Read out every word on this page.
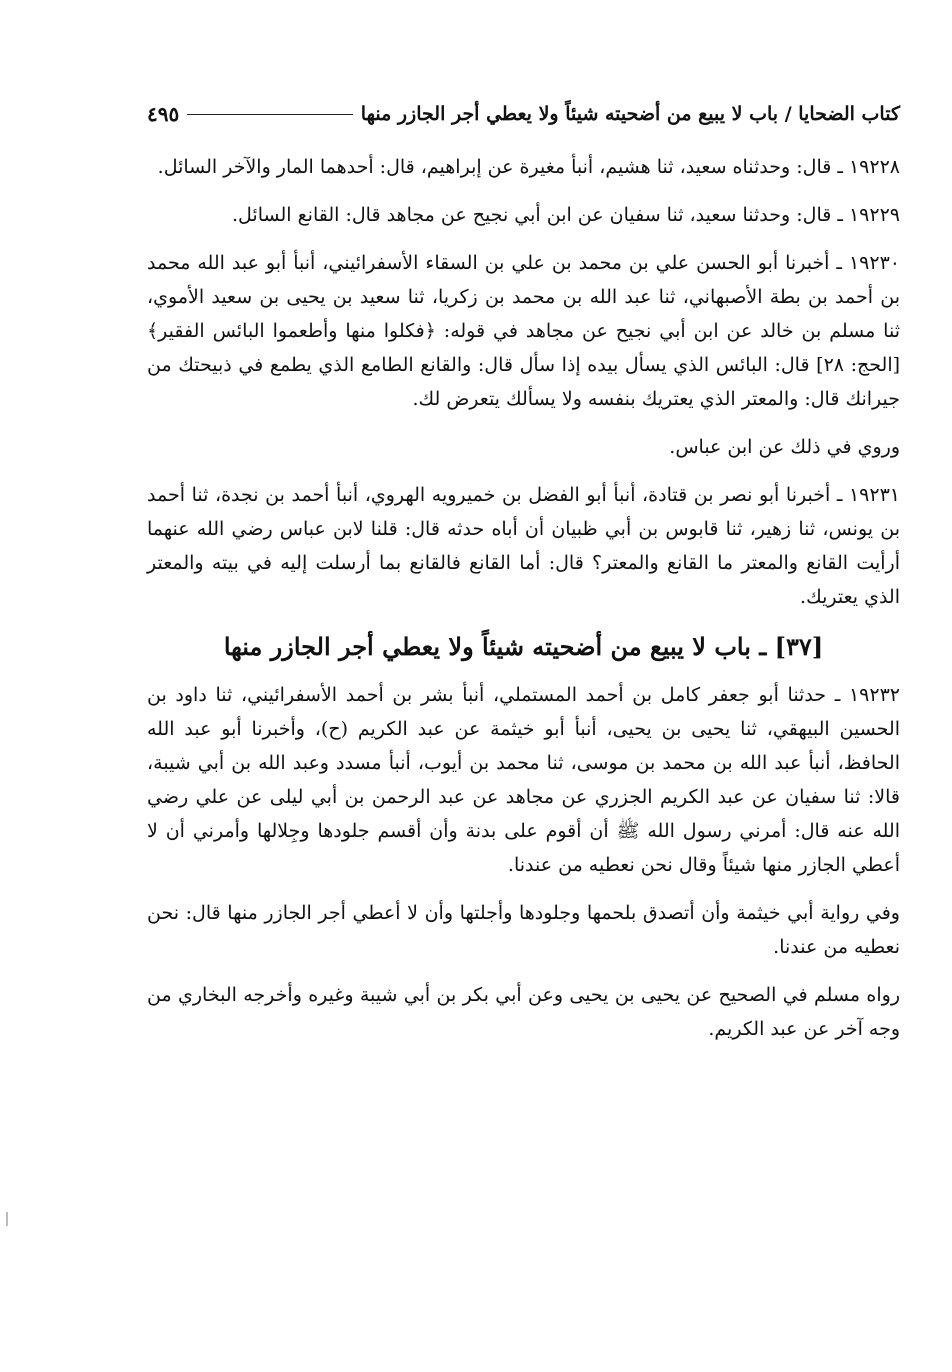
كتاب الضحايا / باب لا يبيع من أضحيته شيئاً ولا يعطي أجر الجازر منها
٤٩٥

١٩٢٢٨ ـ قال: وحدثناه سعيد، ثنا هشيم، أنبأ مغيرة عن إبراهيم، قال: أحدهما المار والآخر السائل.

١٩٢٢٩ ـ قال: وحدثنا سعيد، ثنا سفيان عن ابن أبي نجيح عن مجاهد قال: القانع السائل.

١٩٢٣٠ ـ أخبرنا أبو الحسن علي بن محمد بن علي بن السقاء الأسفرائيني، أنبأ أبو عبد الله محمد بن أحمد بن بطة الأصبهاني، ثنا عبد الله بن محمد بن زكريا، ثنا سعيد بن يحيى بن سعيد الأموي، ثنا مسلم بن خالد عن ابن أبي نجيح عن مجاهد في قوله: ﴿فكلوا منها وأطعموا البائس الفقير﴾ [الحج: ٢٨] قال: البائس الذي يسأل بيده إذا سأل قال: والقانع الطامع الذي يطمع في ذبيحتك من جيرانك قال: والمعتر الذي يعتريك بنفسه ولا يسألك يتعرض لك.

وروي في ذلك عن ابن عباس.

١٩٢٣١ ـ أخبرنا أبو نصر بن قتادة، أنبأ أبو الفضل بن خميرويه الهروي، أنبأ أحمد بن نجدة، ثنا أحمد بن يونس، ثنا زهير، ثنا قابوس بن أبي ظبيان أن أباه حدثه قال: قلنا لابن عباس رضي الله عنهما أرأيت القانع والمعتر ما القانع والمعتر؟ قال: أما القانع فالقانع بما أرسلت إليه في بيته والمعتر الذي يعتريك.

[٣٧] ـ باب لا يبيع من أضحيته شيئاً ولا يعطي أجر الجازر منها

١٩٢٣٢ ـ حدثنا أبو جعفر كامل بن أحمد المستملي، أنبأ بشر بن أحمد الأسفرائيني، ثنا داود بن الحسين البيهقي، ثنا يحيى بن يحيى، أنبأ أبو خيثمة عن عبد الكريم (ح)، وأخبرنا أبو عبد الله الحافظ، أنبأ عبد الله بن محمد بن موسى، ثنا محمد بن أيوب، أنبأ مسدد وعبد الله بن أبي شيبة، قالا: ثنا سفيان عن عبد الكريم الجزري عن مجاهد عن عبد الرحمن بن أبي ليلى عن علي رضي الله عنه قال: أمرني رسول الله ﷺ أن أقوم على بدنة وأن أقسم جلودها وجِلالها وأمرني أن لا أعطي الجازر منها شيئاً وقال نحن نعطيه من عندنا.

وفي رواية أبي خيثمة وأن أتصدق بلحمها وجلودها وأجلتها وأن لا أعطي أجر الجازر منها قال: نحن نعطيه من عندنا.

رواه مسلم في الصحيح عن يحيى بن يحيى وعن أبي بكر بن أبي شيبة وغيره وأخرجه البخاري من وجه آخر عن عبد الكريم.
